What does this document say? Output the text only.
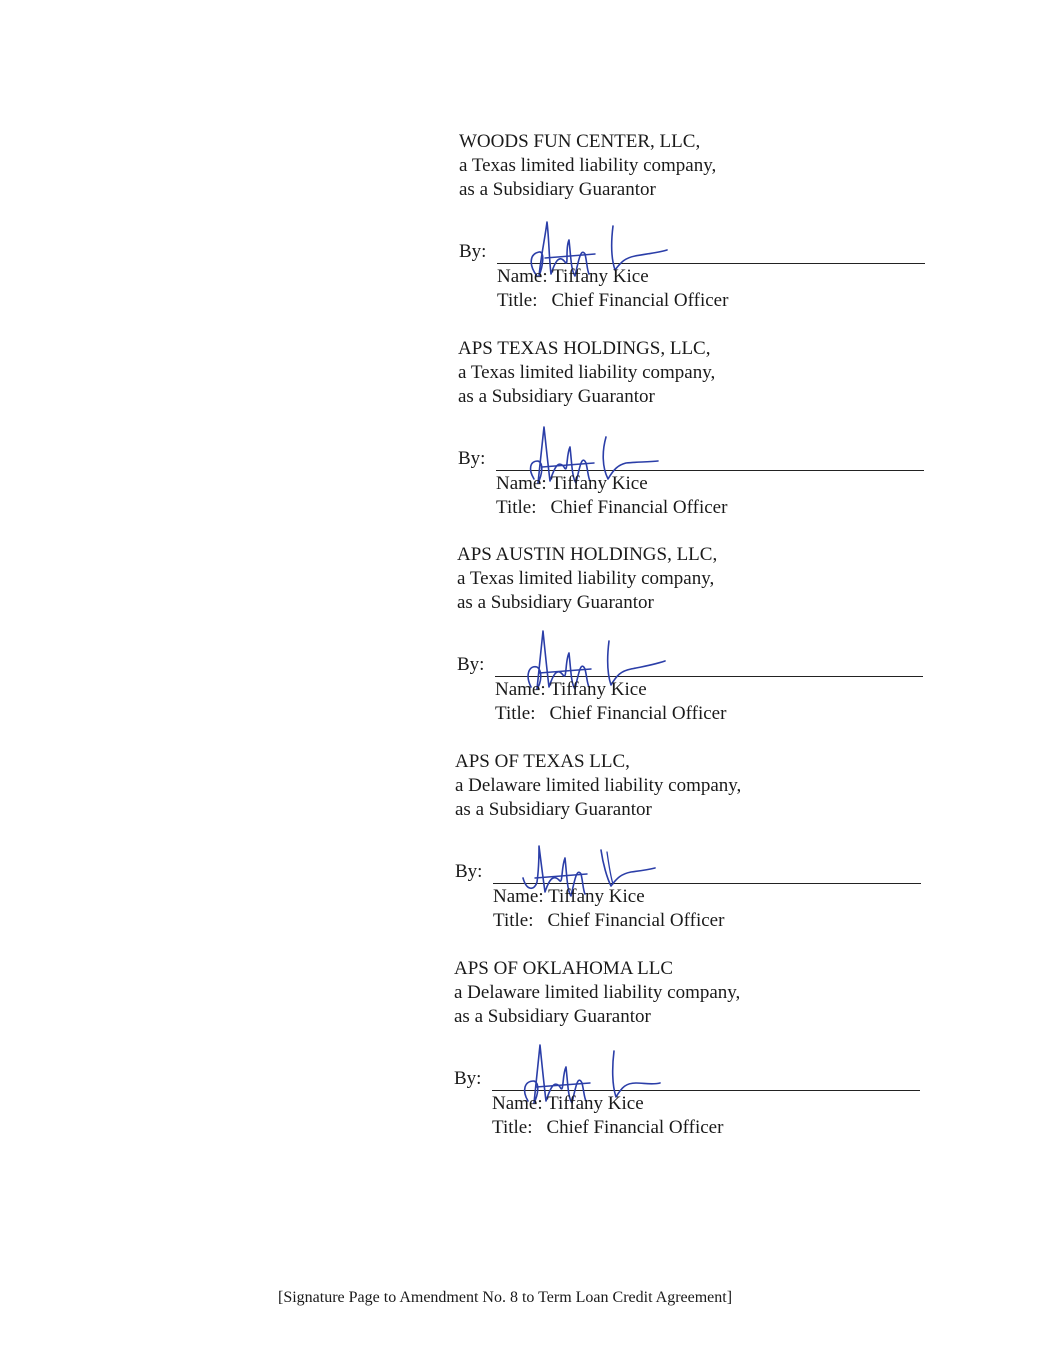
WOODS FUN CENTER, LLC,
a Texas limited liability company,
as a Subsidiary Guarantor
By:
Name: Tiffany Kice
Title: Chief Financial Officer
APS TEXAS HOLDINGS, LLC,
a Texas limited liability company,
as a Subsidiary Guarantor
By:
Name: Tiffany Kice
Title: Chief Financial Officer
APS AUSTIN HOLDINGS, LLC,
a Texas limited liability company,
as a Subsidiary Guarantor
By:
Name: Tiffany Kice
Title: Chief Financial Officer
APS OF TEXAS LLC,
a Delaware limited liability company,
as a Subsidiary Guarantor
By:
Name: Tiffany Kice
Title: Chief Financial Officer
APS OF OKLAHOMA LLC
a Delaware limited liability company,
as a Subsidiary Guarantor
By:
Name: Tiffany Kice
Title: Chief Financial Officer
[Signature Page to Amendment No. 8 to Term Loan Credit Agreement]
